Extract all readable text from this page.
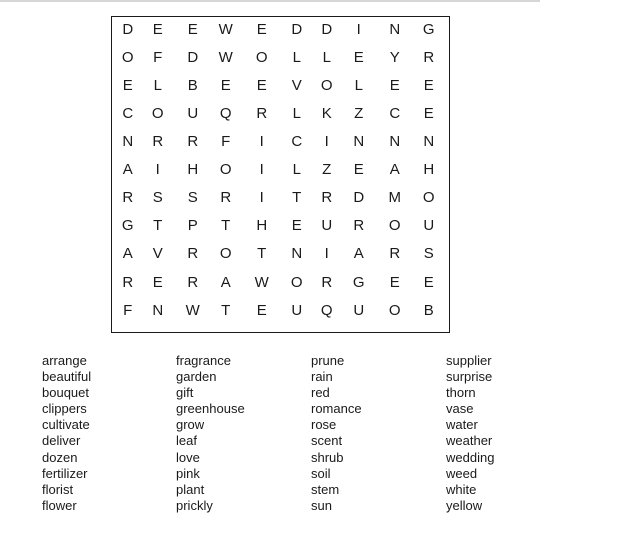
D	E	E	W	E	D	D	I	N	G
O	F	D	W	O	L	L	E	Y	R
E	L	B	E	E	V	O	L	E	E
C	O	U	Q	R	L	K	Z	C	E
N	R	R	F	I	C	I	N	N	N
A	I	H	O	I	L	Z	E	A	H
R	S	S	R	I	T	R	D	M	O
G	T	P	T	H	E	U	R	O	U
A	V	R	O	T	N	I	A	R	S
R	E	R	A	W	O	R	G	E	E
F	N	W	T	E	U	Q	U	O	B
arrange
beautiful
bouquet
clippers
cultivate
deliver
dozen
fertilizer
florist
flower
fragrance
garden
gift
greenhouse
grow
leaf
love
pink
plant
prickly
prune
rain
red
romance
rose
scent
shrub
soil
stem
sun
supplier
surprise
thorn
vase
water
weather
wedding
weed
white
yellow
